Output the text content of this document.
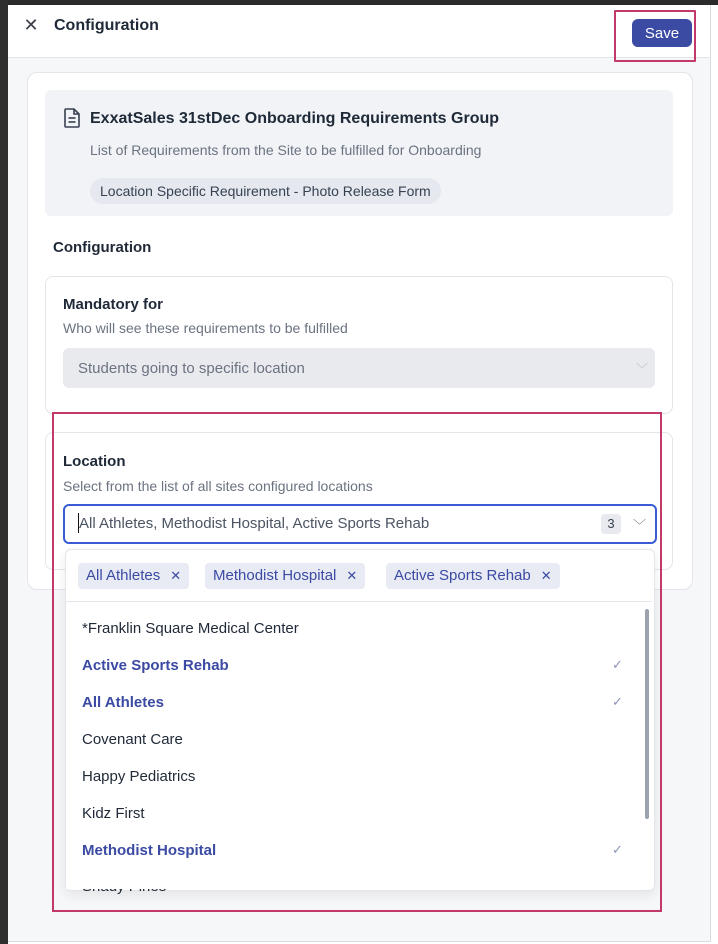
✕ Configuration	Save
ExxatSales 31stDec Onboarding Requirements Group
List of Requirements from the Site to be fulfilled for Onboarding
Location Specific Requirement - Photo Release Form
Configuration
Mandatory for
Who will see these requirements to be fulfilled
Students going to specific location	﹀
Location
Select from the list of all sites configured locations
All Athletes, Methodist Hospital, Active Sports Rehab	3	﹀
All Athletes ✕	Methodist Hospital ✕	Active Sports Rehab ✕
*Franklin Square Medical Center
Active Sports Rehab	✓
All Athletes	✓
Covenant Care
Happy Pediatrics
Kidz First
Methodist Hospital	✓
